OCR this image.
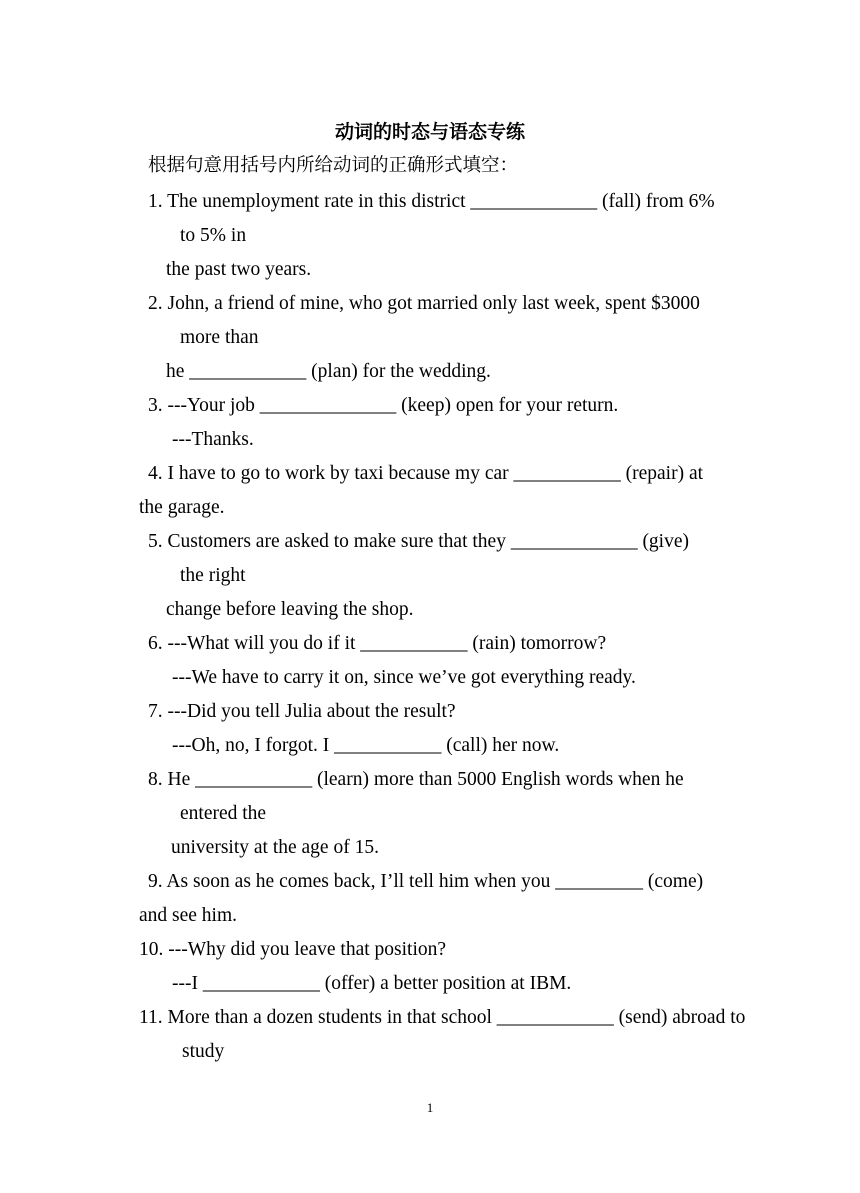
动词的时态与语态专练
根据句意用括号内所给动词的正确形式填空：
1. The unemployment rate in this district _____________ (fall) from 6%
to 5% in
the past two years.
2. John, a friend of mine, who got married only last week, spent $3000
more than
he ____________ (plan) for the wedding.
3. ---Your job ______________ (keep) open for your return.
---Thanks.
4. I have to go to work by taxi because my car ___________ (repair) at
the garage.
5. Customers are asked to make sure that they _____________ (give)
the right
change before leaving the shop.
6. ---What will you do if it ___________ (rain) tomorrow?
---We have to carry it on, since we’ve got everything ready.
7. ---Did you tell Julia about the result?
---Oh, no, I forgot. I ___________ (call) her now.
8. He ____________ (learn) more than 5000 English words when he
entered the
university at the age of 15.
9. As soon as he comes back, I’ll tell him when you _________ (come)
and see him.
10. ---Why did you leave that position?
---I ____________ (offer) a better position at IBM.
11. More than a dozen students in that school ____________ (send) abroad to
study
1
